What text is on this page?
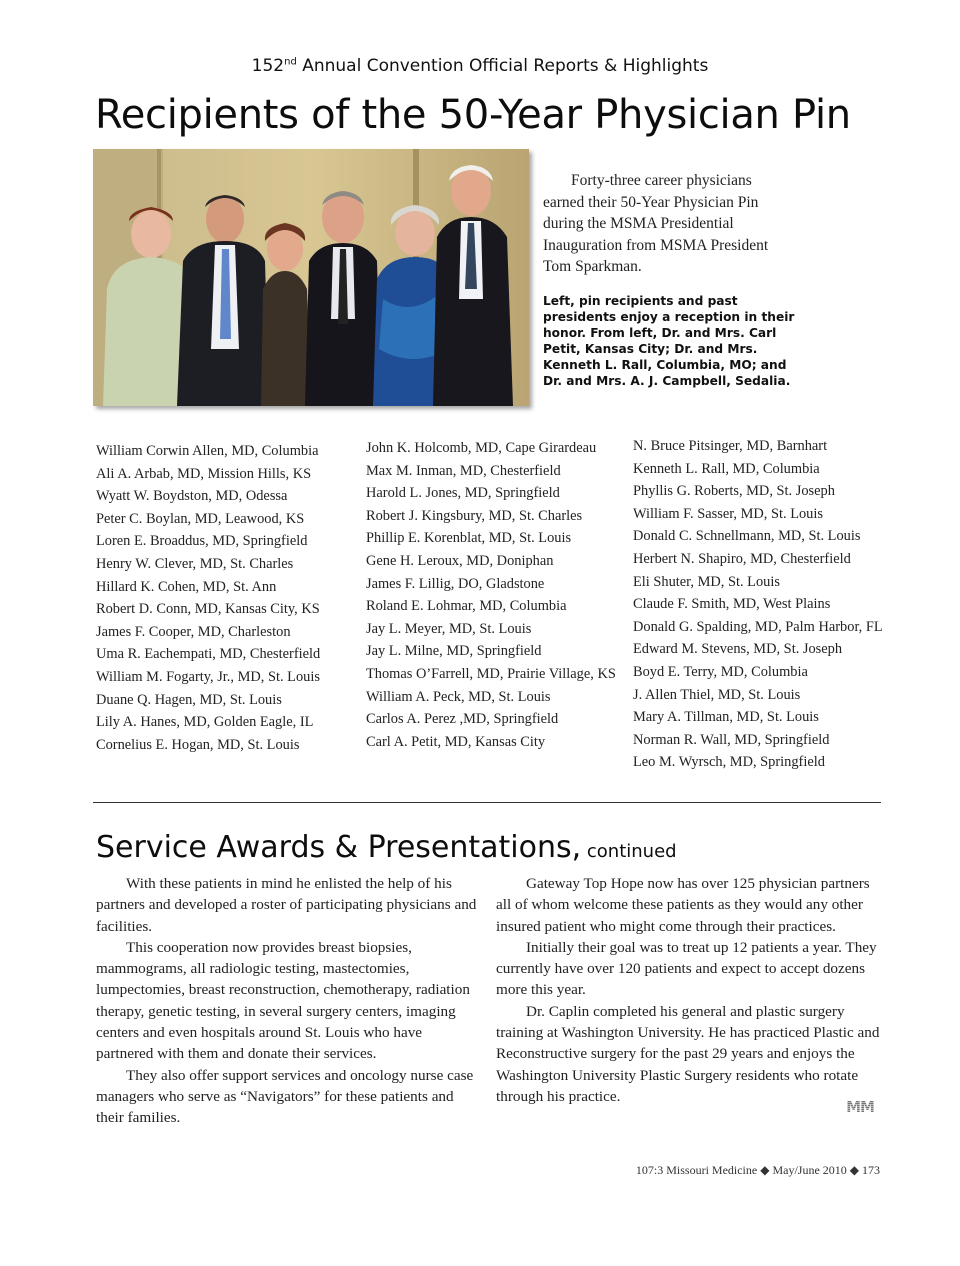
152nd Annual Convention Official Reports & Highlights
Recipients of the 50-Year Physician Pin

Forty-three career physicians earned their 50-Year Physician Pin during the MSMA Presidential Inauguration from MSMA President Tom Sparkman.

Left, pin recipients and past presidents enjoy a reception in their honor. From left, Dr. and Mrs. Carl Petit, Kansas City; Dr. and Mrs. Kenneth L. Rall, Columbia, MO; and Dr. and Mrs. A. J. Campbell, Sedalia.
William Corwin Allen, MD, Columbia
Ali A. Arbab, MD, Mission Hills, KS
Wyatt W. Boydston, MD, Odessa
Peter C. Boylan, MD, Leawood, KS
Loren E. Broaddus, MD, Springfield
Henry W. Clever, MD, St. Charles
Hillard K. Cohen, MD, St. Ann
Robert D. Conn, MD, Kansas City, KS
James F. Cooper, MD, Charleston
Uma R. Eachempati, MD, Chesterfield
William M. Fogarty, Jr., MD, St. Louis
Duane Q. Hagen, MD, St. Louis
Lily A. Hanes, MD, Golden Eagle, IL
Cornelius E. Hogan, MD, St. Louis
John K. Holcomb, MD, Cape Girardeau
Max M. Inman, MD, Chesterfield
Harold L. Jones, MD, Springfield
Robert J. Kingsbury, MD, St. Charles
Phillip E. Korenblat, MD, St. Louis
Gene H. Leroux, MD, Doniphan
James F. Lillig, DO, Gladstone
Roland E. Lohmar, MD, Columbia
Jay L. Meyer, MD, St. Louis
Jay L. Milne, MD, Springfield
Thomas O’Farrell, MD, Prairie Village, KS
William A. Peck, MD, St. Louis
Carlos A. Perez ,MD, Springfield
Carl A. Petit, MD, Kansas City
N. Bruce Pitsinger, MD, Barnhart
Kenneth L. Rall, MD, Columbia
Phyllis G. Roberts, MD, St. Joseph
William F. Sasser, MD, St. Louis
Donald C. Schnellmann, MD, St. Louis
Herbert N. Shapiro, MD, Chesterfield
Eli Shuter, MD, St. Louis
Claude F. Smith, MD, West Plains
Donald G. Spalding, MD, Palm Harbor, FL
Edward M. Stevens, MD, St. Joseph
Boyd E. Terry, MD, Columbia
J. Allen Thiel, MD, St. Louis
Mary A. Tillman, MD, St. Louis
Norman R. Wall, MD, Springfield
Leo M. Wyrsch, MD, Springfield
Service Awards & Presentations, continued

With these patients in mind he enlisted the help of his partners and developed a roster of participating physicians and facilities.

This cooperation now provides breast biopsies, mammograms, all radiologic testing, mastectomies, lumpectomies, breast reconstruction, chemotherapy, radiation therapy, genetic testing, in several surgery centers, imaging centers and even hospitals around St. Louis who have partnered with them and donate their services.

They also offer support services and oncology nurse case managers who serve as “Navigators” for these patients and their families.

Gateway Top Hope now has over 125 physician partners all of whom welcome these patients as they would any other insured patient who might come through their practices.

Initially their goal was to treat up 12 patients a year. They currently have over 120 patients and expect to accept dozens more this year.

Dr. Caplin completed his general and plastic surgery training at Washington University. He has practiced Plastic and Reconstructive surgery for the past 29 years and enjoys the Washington University Plastic Surgery residents who rotate through his practice.

MM
107:3 Missouri Medicine ◆ May/June 2010 ◆ 173
